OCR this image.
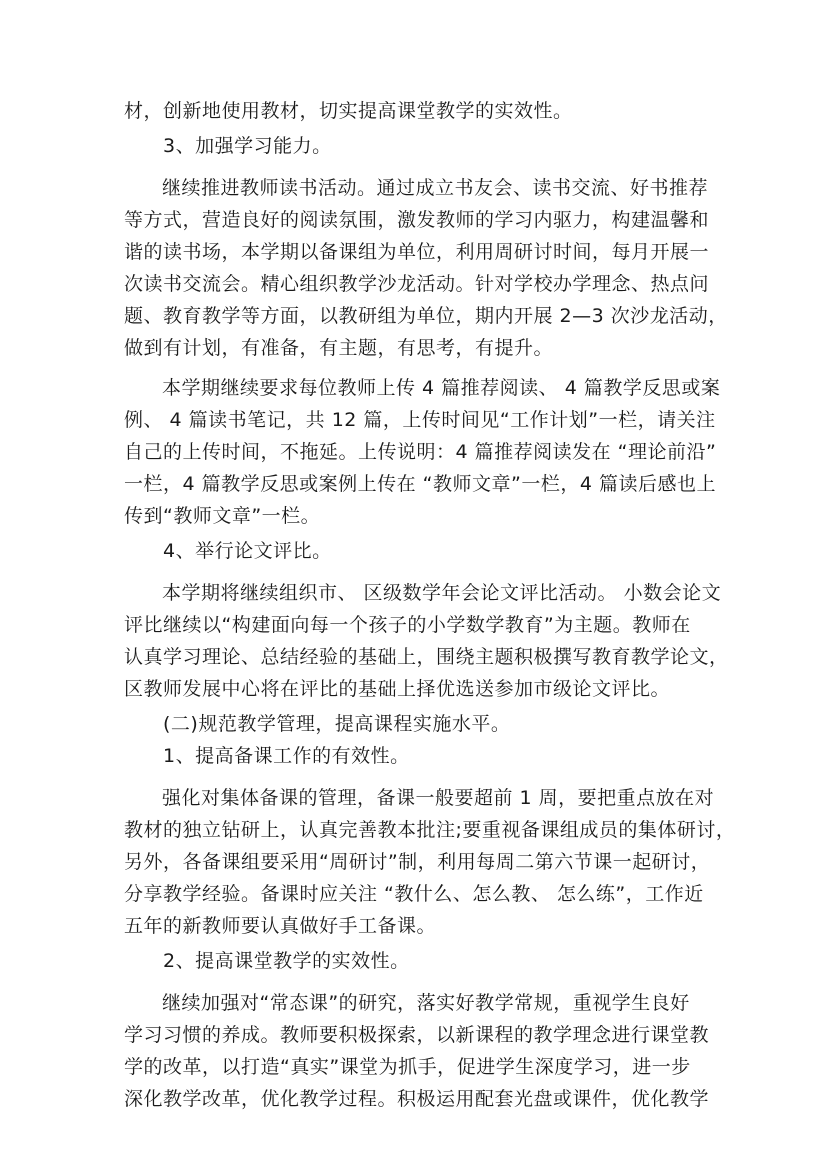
材，创新地使用教材，切实提高课堂教学的实效性。
3、加强学习能力。
继续推进教师读书活动。通过成立书友会、读书交流、好书推荐
等方式，营造良好的阅读氛围，激发教师的学习内驱力，构建温馨和
谐的读书场，本学期以备课组为单位，利用周研讨时间，每月开展一
次读书交流会。精心组织教学沙龙活动。针对学校办学理念、热点问
题、教育教学等方面，以教研组为单位，期内开展 2—3 次沙龙活动，
做到有计划，有准备，有主题，有思考，有提升。
本学期继续要求每位教师上传 4 篇推荐阅读、 4 篇教学反思或案
例、 4 篇读书笔记，共 12 篇，上传时间见“工作计划”一栏，请关注
自己的上传时间，不拖延。上传说明：4 篇推荐阅读发在 “理论前沿”
一栏，4 篇教学反思或案例上传在 “教师文章”一栏，4 篇读后感也上
传到“教师文章”一栏。
4、举行论文评比。
本学期将继续组织市、 区级数学年会论文评比活动。 小数会论文
评比继续以“构建面向每一个孩子的小学数学教育”为主题。教师在
认真学习理论、总结经验的基础上，围绕主题积极撰写教育教学论文，
区教师发展中心将在评比的基础上择优选送参加市级论文评比。
(二)规范教学管理，提高课程实施水平。
1、提高备课工作的有效性。
强化对集体备课的管理，备课一般要超前 1 周，要把重点放在对
教材的独立钻研上，认真完善教本批注;要重视备课组成员的集体研讨，
另外，各备课组要采用“周研讨”制，利用每周二第六节课一起研讨，
分享教学经验。备课时应关注 “教什么、怎么教、 怎么练”，工作近
五年的新教师要认真做好手工备课。
2、提高课堂教学的实效性。
继续加强对“常态课”的研究，落实好教学常规，重视学生良好
学习习惯的养成。教师要积极探索，以新课程的教学理念进行课堂教
学的改革，以打造“真实”课堂为抓手，促进学生深度学习，进一步
深化教学改革，优化教学过程。积极运用配套光盘或课件，优化教学
